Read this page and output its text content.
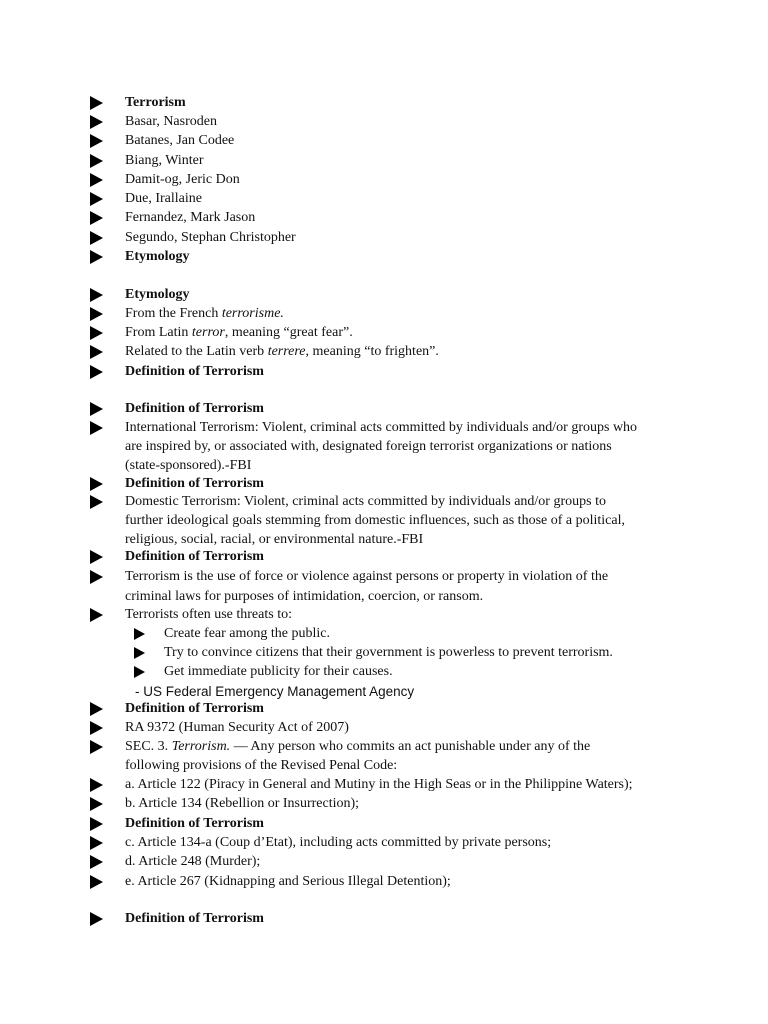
Terrorism
Basar, Nasroden
Batanes, Jan Codee
Biang, Winter
Damit-og, Jeric Don
Due, Irallaine
Fernandez, Mark Jason
Segundo, Stephan Christopher
Etymology
Etymology
From the French terrorisme.
From Latin terror, meaning “great fear”.
Related to the Latin verb terrere, meaning “to frighten”.
Definition of Terrorism
Definition of Terrorism
International Terrorism: Violent, criminal acts committed by individuals and/or groups who
are inspired by, or associated with, designated foreign terrorist organizations or nations
(state-sponsored).-FBI
Definition of Terrorism
Domestic Terrorism: Violent, criminal acts committed by individuals and/or groups to
further ideological goals stemming from domestic influences, such as those of a political,
religious, social, racial, or environmental nature.-FBI
Definition of Terrorism
Terrorism is the use of force or violence against persons or property in violation of the
criminal laws for purposes of intimidation, coercion, or ransom.
Terrorists often use threats to:
Create fear among the public.
Try to convince citizens that their government is powerless to prevent terrorism.
Get immediate publicity for their causes.
- US Federal Emergency Management Agency
Definition of Terrorism
RA 9372 (Human Security Act of 2007)
SEC. 3. Terrorism. — Any person who commits an act punishable under any of the
following provisions of the Revised Penal Code:
a. Article 122 (Piracy in General and Mutiny in the High Seas or in the Philippine Waters);
b. Article 134 (Rebellion or Insurrection);
Definition of Terrorism
c. Article 134-a (Coup d’Etat), including acts committed by private persons;
d. Article 248 (Murder);
e. Article 267 (Kidnapping and Serious Illegal Detention);
Definition of Terrorism
